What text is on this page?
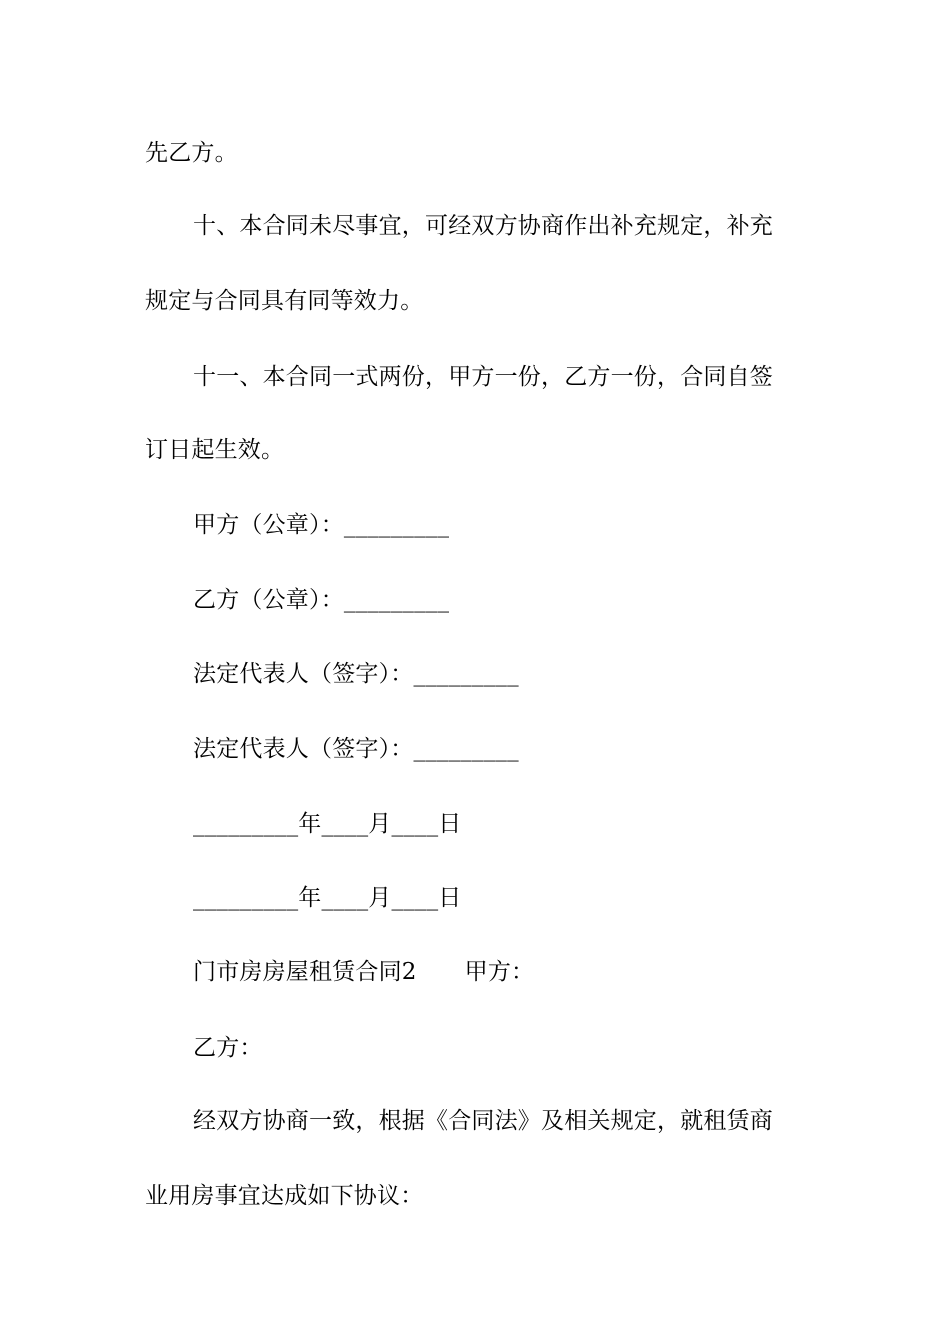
先乙方。
十、本合同未尽事宜，可经双方协商作出补充规定，补充
规定与合同具有同等效力。
十一、本合同一式两份，甲方一份，乙方一份，合同自签
订日起生效。
甲方（公章）：_________
乙方（公章）：_________
法定代表人（签字）：_________
法定代表人（签字）：_________
_________年____月____日
_________年____月____日
门市房房屋租赁合同2 甲方：
乙方：
经双方协商一致，根据《合同法》及相关规定，就租赁商
业用房事宜达成如下协议：
